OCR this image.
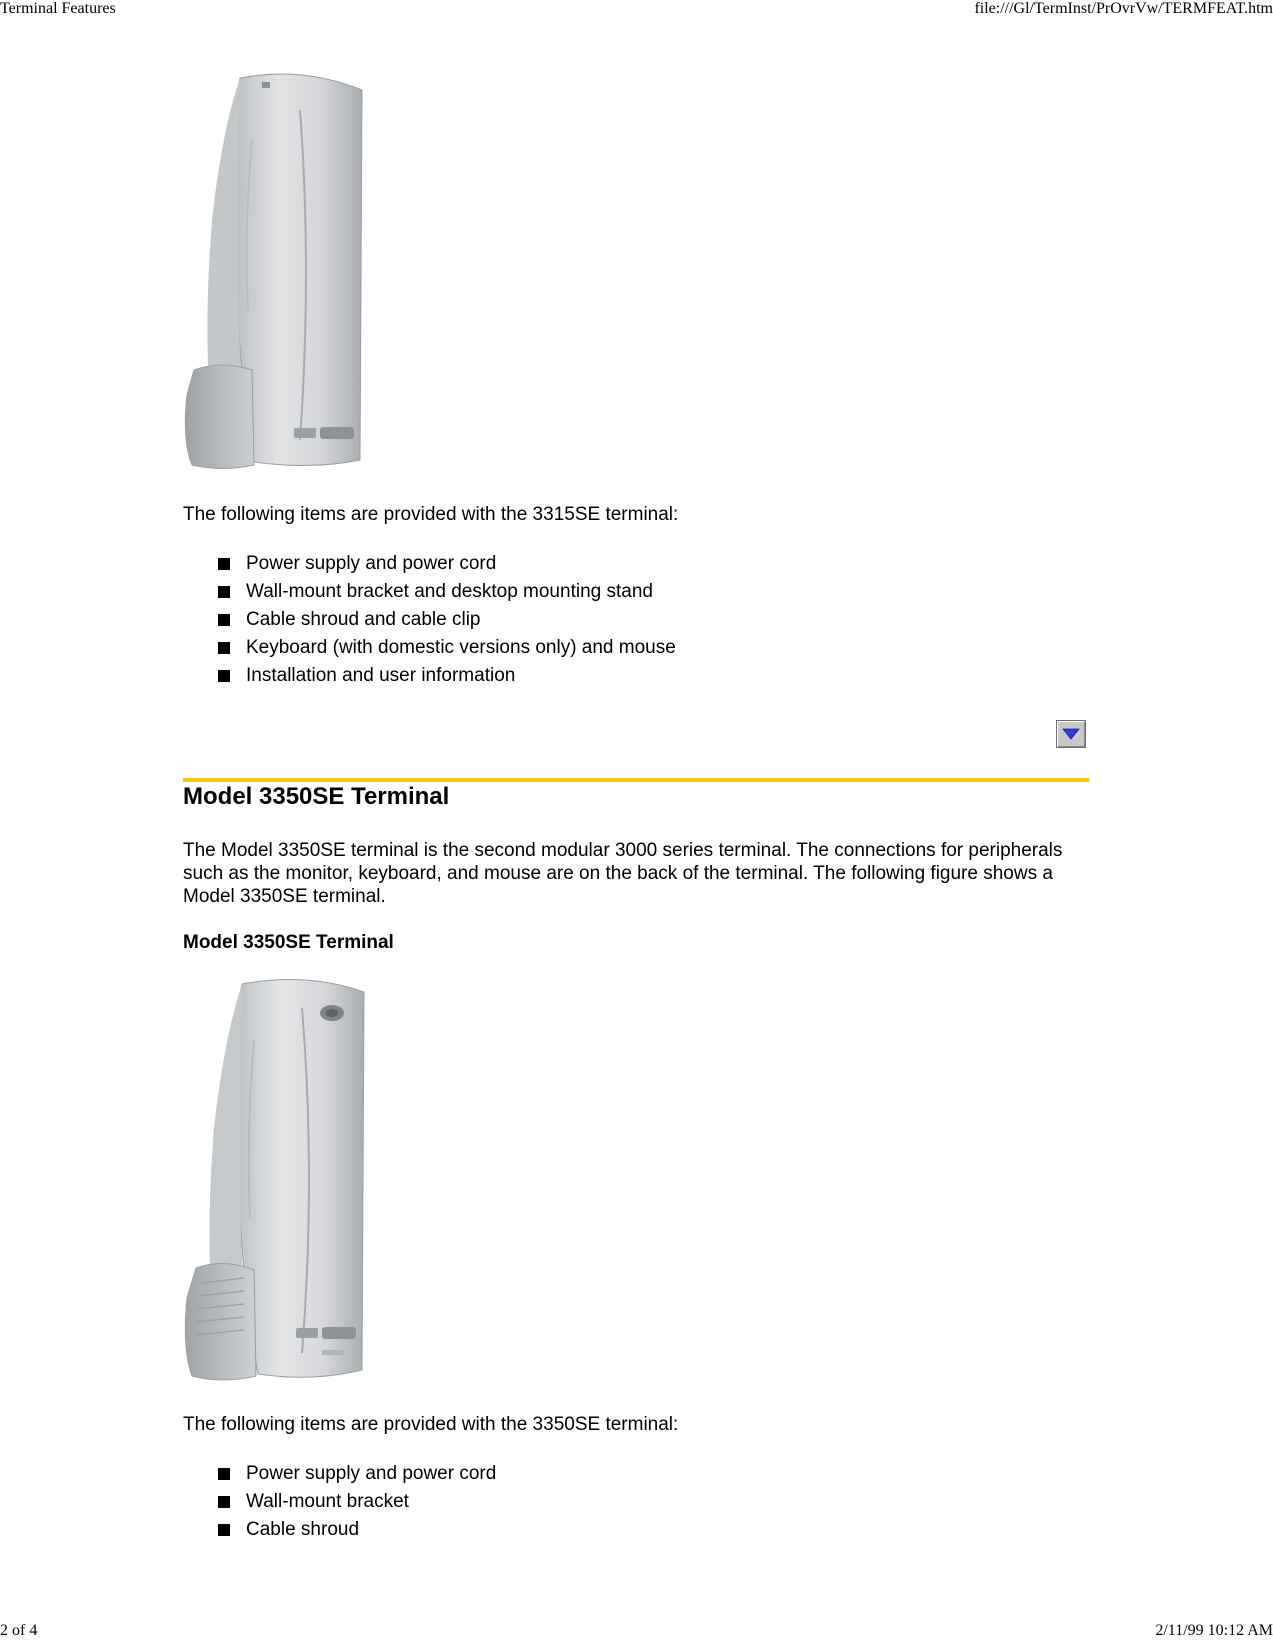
Terminal Features	file:///Gl/TermInst/PrOvrVw/TERMFEAT.htm

The following items are provided with the 3315SE terminal:

Power supply and power cord
Wall-mount bracket and desktop mounting stand
Cable shroud and cable clip
Keyboard (with domestic versions only) and mouse
Installation and user information
Model 3350SE Terminal

The Model 3350SE terminal is the second modular 3000 series terminal. The connections for peripherals such as the monitor, keyboard, and mouse are on the back of the terminal. The following figure shows a Model 3350SE terminal.

Model 3350SE Terminal

The following items are provided with the 3350SE terminal:

Power supply and power cord
Wall-mount bracket
Cable shroud
2 of 4	2/11/99 10:12 AM
